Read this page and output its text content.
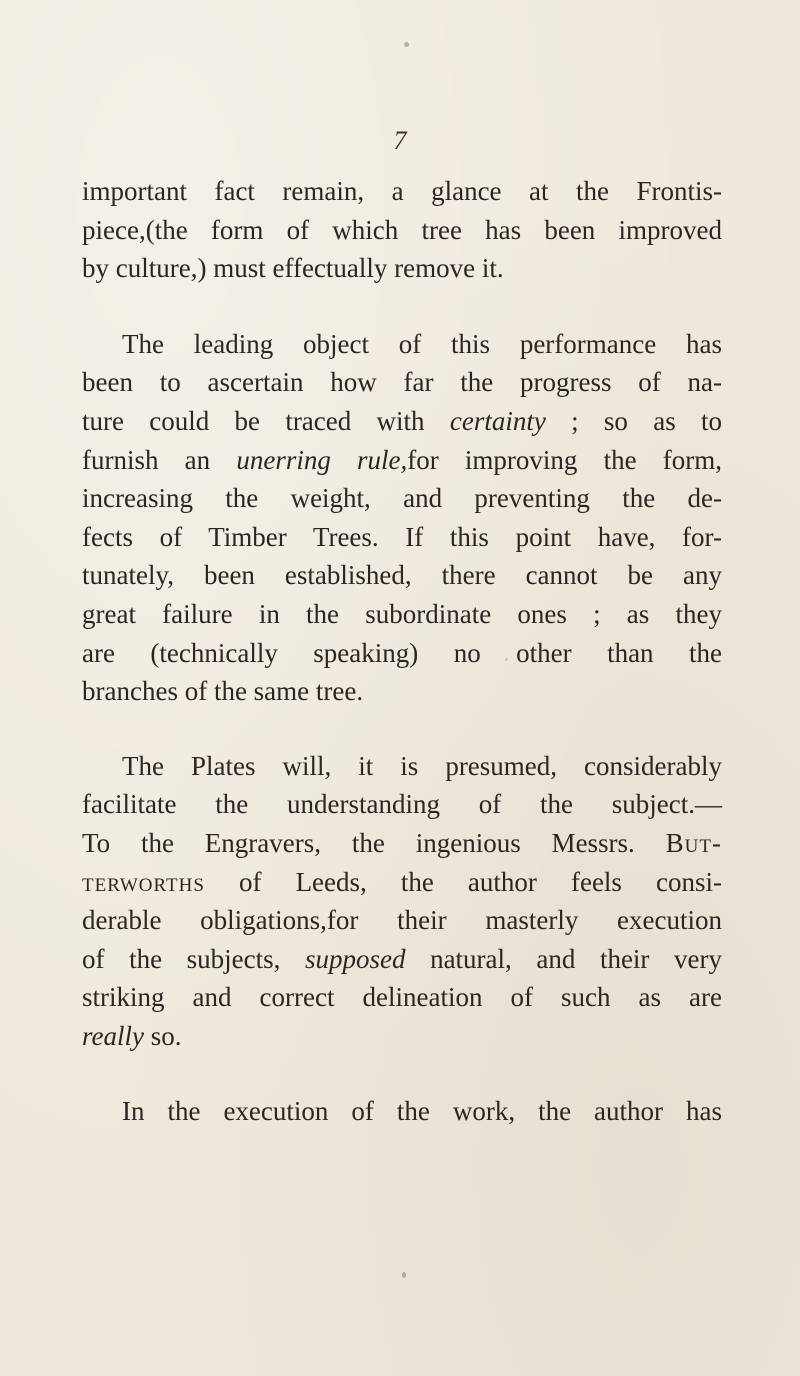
7

important fact remain, a glance at the Frontis-
piece,(the form of which tree has been improved
by culture,) must effectually remove it.

The leading object of this performance has
been to ascertain how far the progress of na-
ture could be traced with certainty ; so as to
furnish an unerring rule,for improving the form,
increasing the weight, and preventing the de-
fects of Timber Trees. If this point have, for-
tunately, been established, there cannot be any
great failure in the subordinate ones ; as they
are (technically speaking) no other than the
branches of the same tree.

The Plates will, it is presumed, considerably
facilitate the understanding of the subject.—
To the Engravers, the ingenious Messrs. But-
terworths of Leeds, the author feels consi-
derable obligations,for their masterly execution
of the subjects, supposed natural, and their very
striking and correct delineation of such as are
really so.

In the execution of the work, the author has
